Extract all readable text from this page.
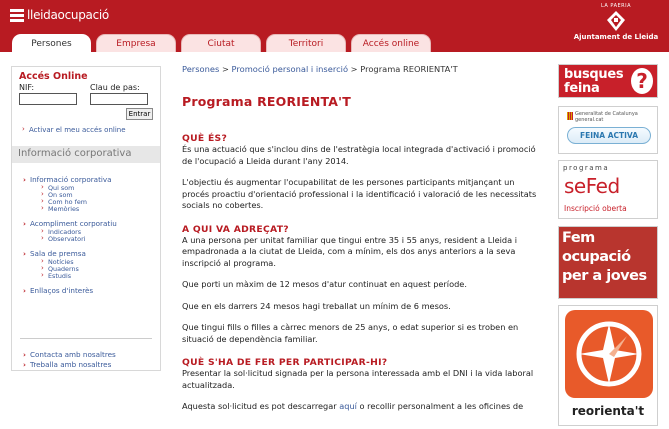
lleidaocupació
LA PAERIA
Ajuntament de Lleida
Persones	Empresa	Ciutat	Territori	Accés online
Accés Online
NIF:	Clau de pas:
Entrar
› Activar el meu accés online
Informació corporativa
› Informació corporativa
› Qui som
› On som
› Com ho fem
› Memòries
› Acompliment corporatiu
› Indicadors
› Observatori
› Sala de premsa
› Notícies
› Quaderns
› Estudis
› Enllaços d'interès
› Contacta amb nosaltres
› Treballa amb nosaltres
Persones > Promoció personal i inserció > Programa REORIENTA'T
Programa REORIENTA'T
QUÈ ÉS?

És una actuació que s'inclou dins de l'estratègia local integrada d'activació i promoció de l'ocupació a Lleida durant l'any 2014.

L'objectiu és augmentar l'ocupabilitat de les persones participants mitjançant un procés proactiu d'orientació professional i la identificació i valoració de les necessitats socials no cobertes.

A QUI VA ADREÇAT?

A una persona per unitat familiar que tingui entre 35 i 55 anys, resident a Lleida i empadronada a la ciutat de Lleida, com a mínim, els dos anys anteriors a la seva inscripció al programa.

Que porti un màxim de 12 mesos d'atur continuat en aquest període.

Que en els darrers 24 mesos hagi treballat un mínim de 6 mesos.

Que tingui fills o filles a càrrec menors de 25 anys, o edat superior si es troben en situació de dependència familiar.

QUÈ S'HA DE FER PER PARTICIPAR-HI?

Presentar la sol·licitud signada per la persona interessada amb el DNI i la vida laboral actualitzada.

Aquesta sol·licitud es pot descarregar aquí o recollir personalment a les oficines de

busques
feina ?
Generalitat de Catalunya
general.cat
FEINA ACTIVA
programa
seFed
Inscripció oberta
Fem
ocupació
per a joves
reorienta't
